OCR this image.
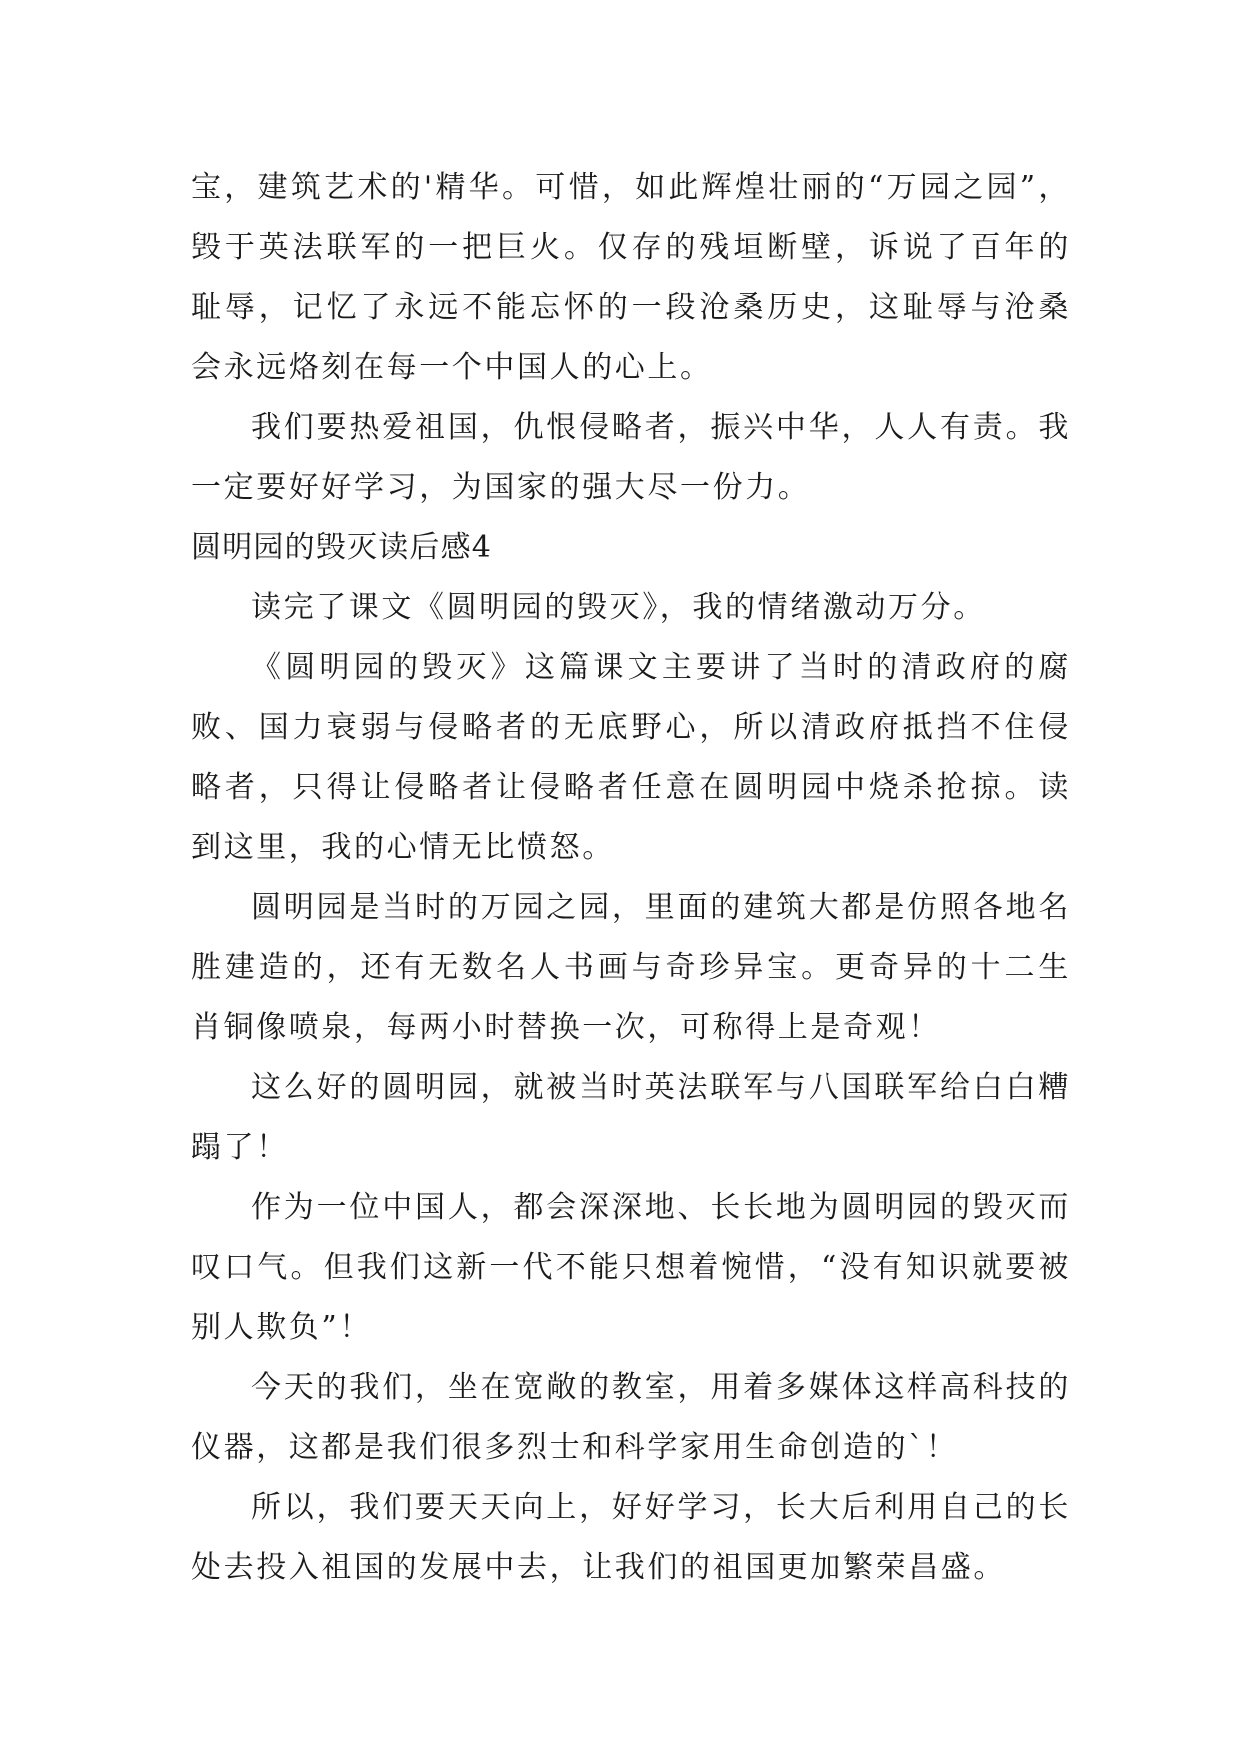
宝，建筑艺术的'精华。可惜，如此辉煌壮丽的“万园之园”，毁于英法联军的一把巨火。仅存的残垣断壁，诉说了百年的耻辱，记忆了永远不能忘怀的一段沧桑历史，这耻辱与沧桑会永远烙刻在每一个中国人的心上。

我们要热爱祖国，仇恨侵略者，振兴中华，人人有责。我一定要好好学习，为国家的强大尽一份力。

圆明园的毁灭读后感4

读完了课文《圆明园的毁灭》，我的情绪激动万分。

《圆明园的毁灭》这篇课文主要讲了当时的清政府的腐败、国力衰弱与侵略者的无底野心，所以清政府抵挡不住侵略者，只得让侵略者让侵略者任意在圆明园中烧杀抢掠。读到这里，我的心情无比愤怒。

圆明园是当时的万园之园，里面的建筑大都是仿照各地名胜建造的，还有无数名人书画与奇珍异宝。更奇异的十二生肖铜像喷泉，每两小时替换一次，可称得上是奇观！

这么好的圆明园，就被当时英法联军与八国联军给白白糟蹋了！

作为一位中国人，都会深深地、长长地为圆明园的毁灭而叹口气。但我们这新一代不能只想着惋惜，“没有知识就要被别人欺负”！

今天的我们，坐在宽敞的教室，用着多媒体这样高科技的仪器，这都是我们很多烈士和科学家用生命创造的`！

所以，我们要天天向上，好好学习，长大后利用自己的长处去投入祖国的发展中去，让我们的祖国更加繁荣昌盛。
